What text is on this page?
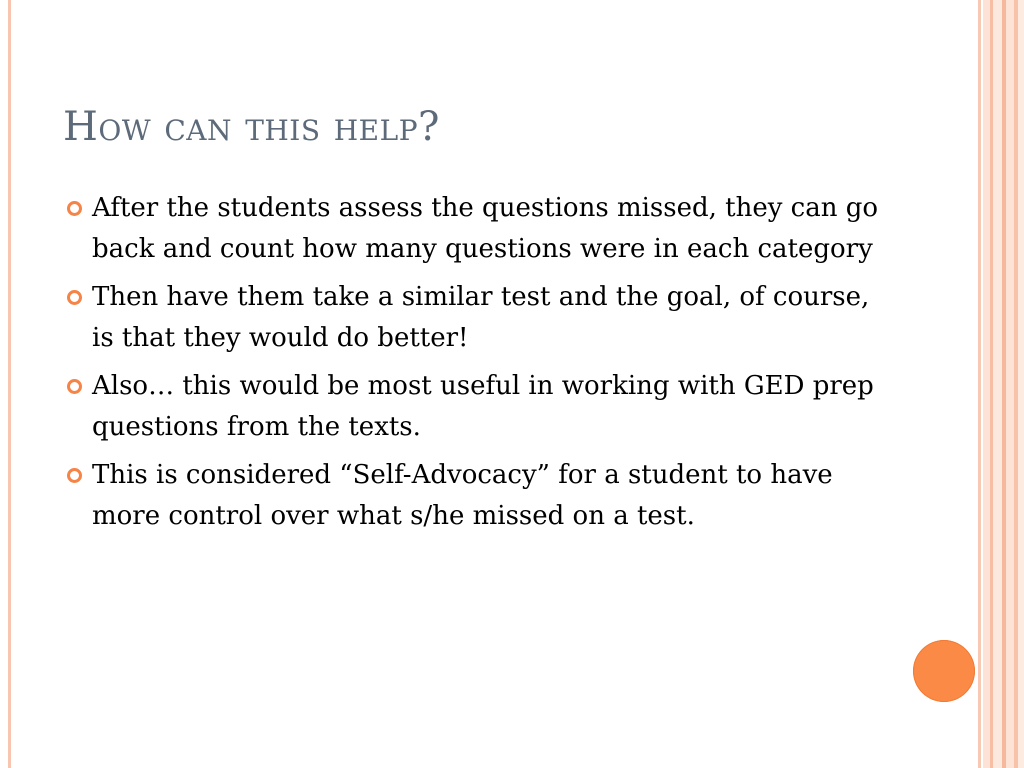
How can this help?
After the students assess the questions missed, they can go back and count how many questions were in each category
Then have them take a similar test and the goal, of course, is that they would do better!
Also… this would be most useful in working with GED prep questions from the texts.
This is considered “Self-Advocacy” for a student to have more control over what s/he missed on a test.
